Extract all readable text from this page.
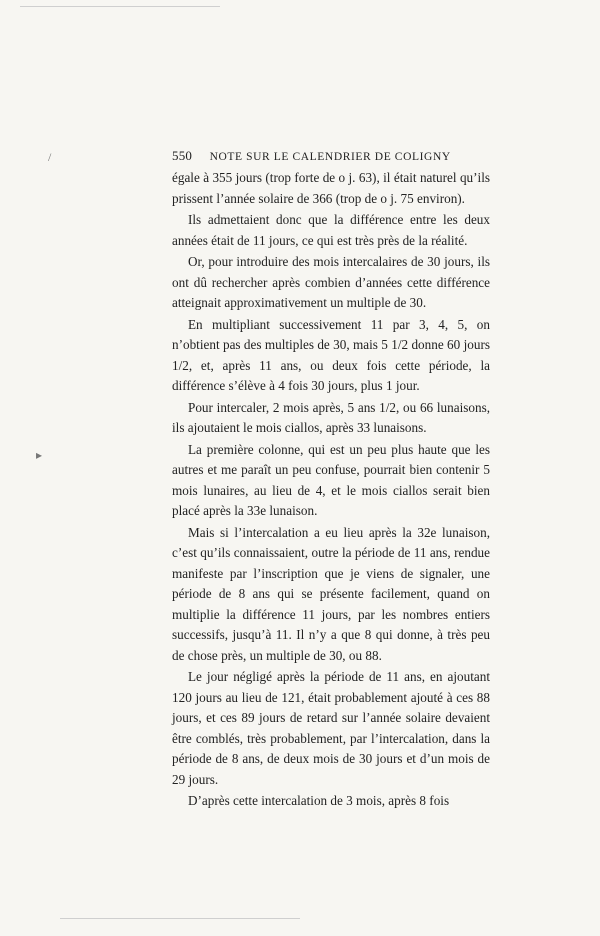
550 NOTE SUR LE CALENDRIER DE COLIGNY

égale à 355 jours (trop forte de o j. 63), il était naturel qu’ils prissent l’année solaire de 366 (trop de o j. 75 environ).

Ils admettaient donc que la différence entre les deux années était de 11 jours, ce qui est très près de la réalité.

Or, pour introduire des mois intercalaires de 30 jours, ils ont dû rechercher après combien d’années cette différence atteignait approximativement un multiple de 30.

En multipliant successivement 11 par 3, 4, 5, on n’obtient pas des multiples de 30, mais 5 1/2 donne 60 jours 1/2, et, après 11 ans, ou deux fois cette période, la différence s’élève à 4 fois 30 jours, plus 1 jour.

Pour intercaler, 2 mois après, 5 ans 1/2, ou 66 lunaisons, ils ajoutaient le mois ciallos, après 33 lunaisons.

La première colonne, qui est un peu plus haute que les autres et me paraît un peu confuse, pourrait bien contenir 5 mois lunaires, au lieu de 4, et le mois ciallos serait bien placé après la 33e lunaison.

Mais si l’intercalation a eu lieu après la 32e lunaison, c’est qu’ils connaissaient, outre la période de 11 ans, rendue manifeste par l’inscription que je viens de signaler, une période de 8 ans qui se présente facilement, quand on multiplie la différence 11 jours, par les nombres entiers successifs, jusqu’à 11. Il n’y a que 8 qui donne, à très peu de chose près, un multiple de 30, ou 88.

Le jour négligé après la période de 11 ans, en ajoutant 120 jours au lieu de 121, était probablement ajouté à ces 88 jours, et ces 89 jours de retard sur l’année solaire devaient être comblés, très probablement, par l’intercalation, dans la période de 8 ans, de deux mois de 30 jours et d’un mois de 29 jours.

D’après cette intercalation de 3 mois, après 8 fois

/
▸
